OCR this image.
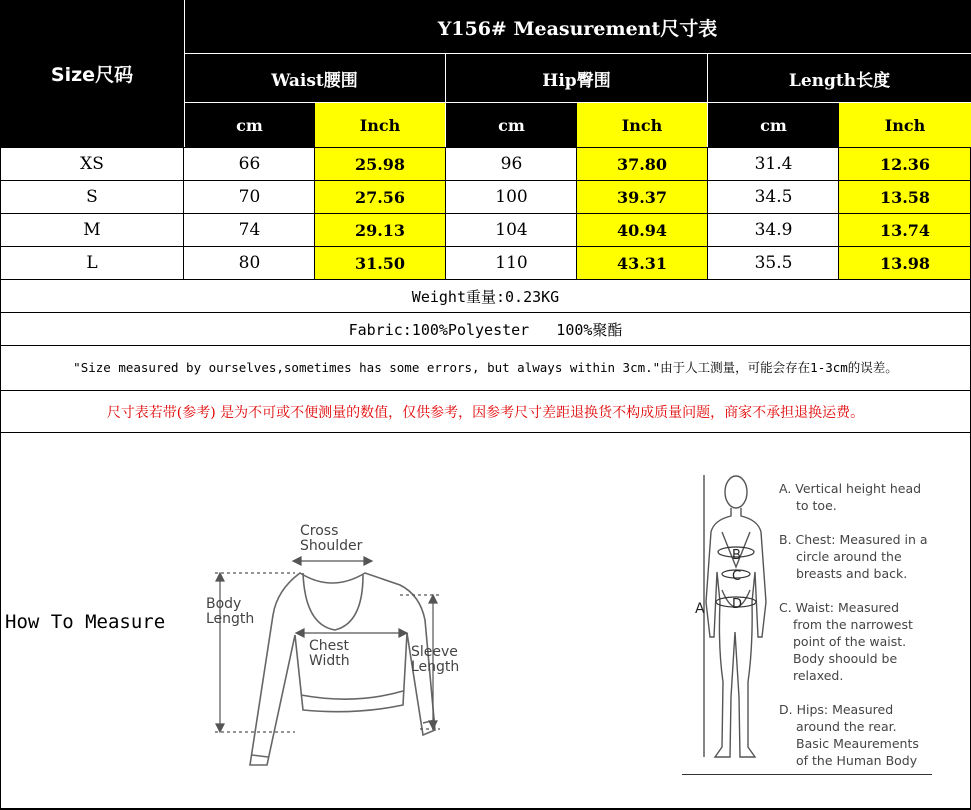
Size尺码
Y156# Measurement尺寸表
Waist腰围	Hip臀围	Length长度
cm	Inch	cm	Inch	cm	Inch
XS	66	25.98	96	37.80	31.4	12.36
S	70	27.56	100	39.37	34.5	13.58
M	74	29.13	104	40.94	34.9	13.74
L	80	31.50	110	43.31	35.5	13.98
Weight重量:0.23KG
Fabric:100%Polyester   100%聚酯
"Size measured by ourselves,sometimes has some errors, but always within 3cm."由于人工测量，可能会存在1-3cm的误差。
尺寸表若带(参考) 是为不可或不便测量的数值，仅供参考，因参考尺寸差距退换货不构成质量问题，商家不承担退换运费。
How To Measure
Cross
Shoulder
Body
Length
Chest
Width
Sleeve
Length
A
B
C
D
A. Vertical height head
to toe.
B. Chest: Measured in a
circle around the
breasts and back.
C. Waist: Measured
from the narrowest
point of the waist.
Body shoould be
relaxed.
D. Hips: Measured
around the rear.
Basic Meaurements
of the Human Body
